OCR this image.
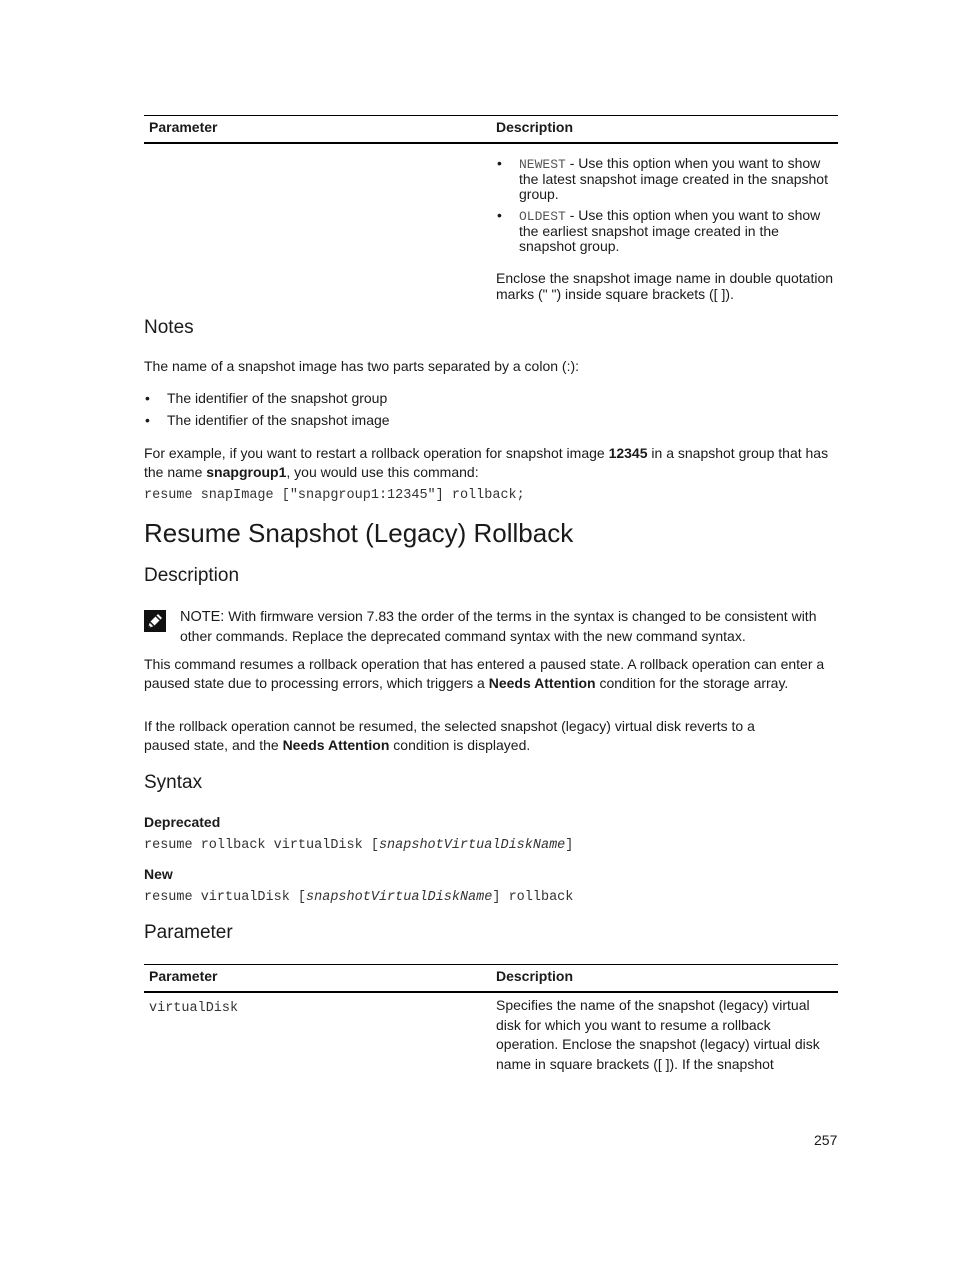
Parameter	Description
• NEWEST - Use this option when you want to show the latest snapshot image created in the snapshot group.
• OLDEST - Use this option when you want to show the earliest snapshot image created in the snapshot group.
Enclose the snapshot image name in double quotation marks (" ") inside square brackets ([ ]).
Notes
The name of a snapshot image has two parts separated by a colon (:):
• The identifier of the snapshot group
• The identifier of the snapshot image
For example, if you want to restart a rollback operation for snapshot image 12345 in a snapshot group that has the name snapgroup1, you would use this command:
resume snapImage ["snapgroup1:12345"] rollback;
Resume Snapshot (Legacy) Rollback
Description
NOTE: With firmware version 7.83 the order of the terms in the syntax is changed to be consistent with other commands. Replace the deprecated command syntax with the new command syntax.
This command resumes a rollback operation that has entered a paused state. A rollback operation can enter a paused state due to processing errors, which triggers a Needs Attention condition for the storage array.
If the rollback operation cannot be resumed, the selected snapshot (legacy) virtual disk reverts to a paused state, and the Needs Attention condition is displayed.
Syntax
Deprecated
resume rollback virtualDisk [snapshotVirtualDiskName]
New
resume virtualDisk [snapshotVirtualDiskName] rollback
Parameter
Parameter	Description
virtualDisk	Specifies the name of the snapshot (legacy) virtual disk for which you want to resume a rollback operation. Enclose the snapshot (legacy) virtual disk name in square brackets ([ ]). If the snapshot
257
